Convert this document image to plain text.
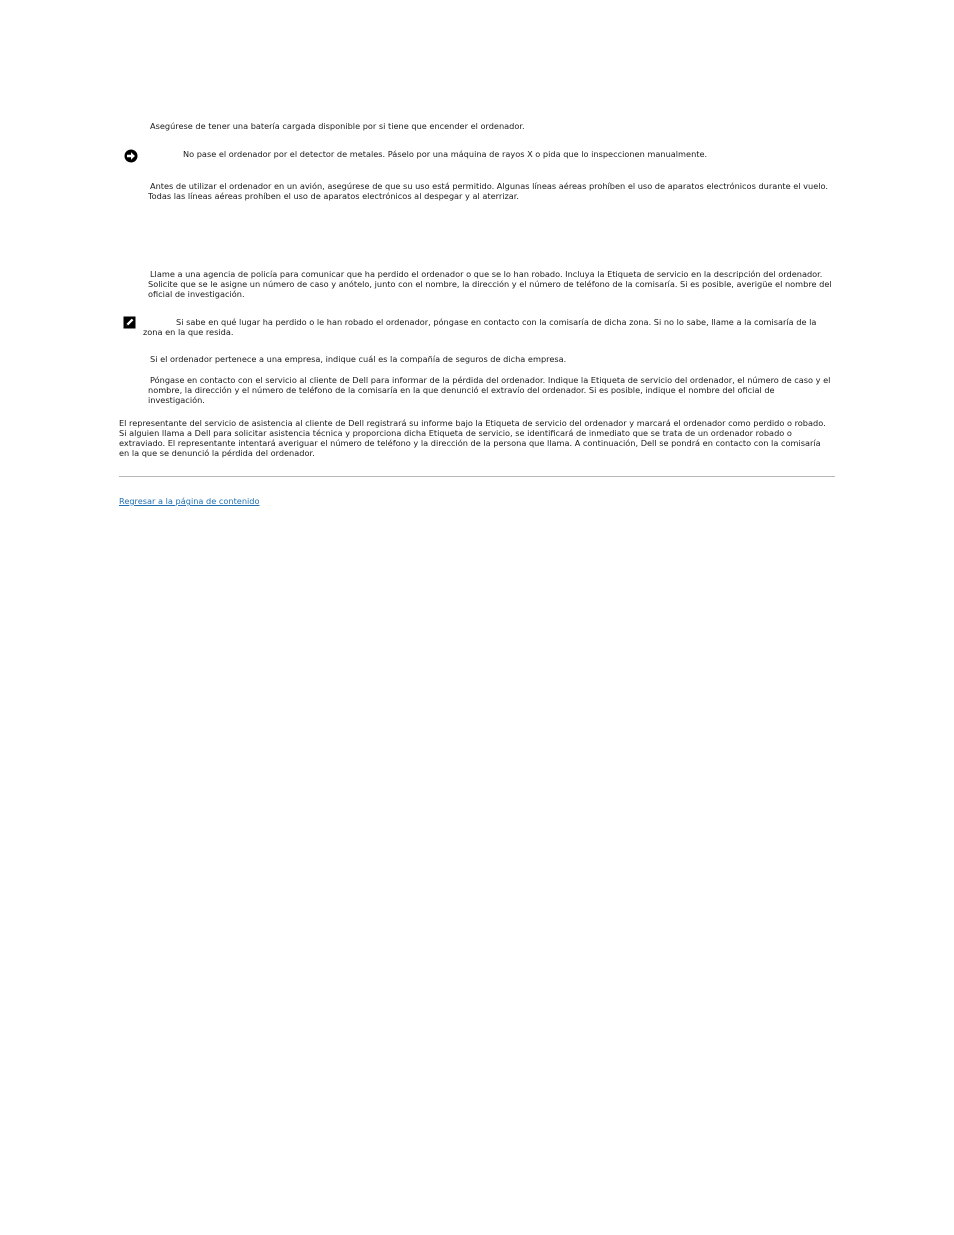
Asegúrese de tener una batería cargada disponible por si tiene que encender el ordenador.

No pase el ordenador por el detector de metales. Páselo por una máquina de rayos X o pida que lo inspeccionen manualmente.

Antes de utilizar el ordenador en un avión, asegúrese de que su uso está permitido. Algunas líneas aéreas prohíben el uso de aparatos electrónicos durante el vuelo. Todas las líneas aéreas prohíben el uso de aparatos electrónicos al despegar y al aterrizar.

Llame a una agencia de policía para comunicar que ha perdido el ordenador o que se lo han robado. Incluya la Etiqueta de servicio en la descripción del ordenador. Solicite que se le asigne un número de caso y anótelo, junto con el nombre, la dirección y el número de teléfono de la comisaría. Si es posible, averigüe el nombre del oficial de investigación.

Si sabe en qué lugar ha perdido o le han robado el ordenador, póngase en contacto con la comisaría de dicha zona. Si no lo sabe, llame a la comisaría de la zona en la que resida.

Si el ordenador pertenece a una empresa, indique cuál es la compañía de seguros de dicha empresa.

Póngase en contacto con el servicio al cliente de Dell para informar de la pérdida del ordenador. Indique la Etiqueta de servicio del ordenador, el número de caso y el nombre, la dirección y el número de teléfono de la comisaría en la que denunció el extravío del ordenador. Si es posible, indique el nombre del oficial de investigación.

El representante del servicio de asistencia al cliente de Dell registrará su informe bajo la Etiqueta de servicio del ordenador y marcará el ordenador como perdido o robado. Si alguien llama a Dell para solicitar asistencia técnica y proporciona dicha Etiqueta de servicio, se identificará de inmediato que se trata de un ordenador robado o extraviado. El representante intentará averiguar el número de teléfono y la dirección de la persona que llama. A continuación, Dell se pondrá en contacto con la comisaría en la que se denunció la pérdida del ordenador.

Regresar a la página de contenido
